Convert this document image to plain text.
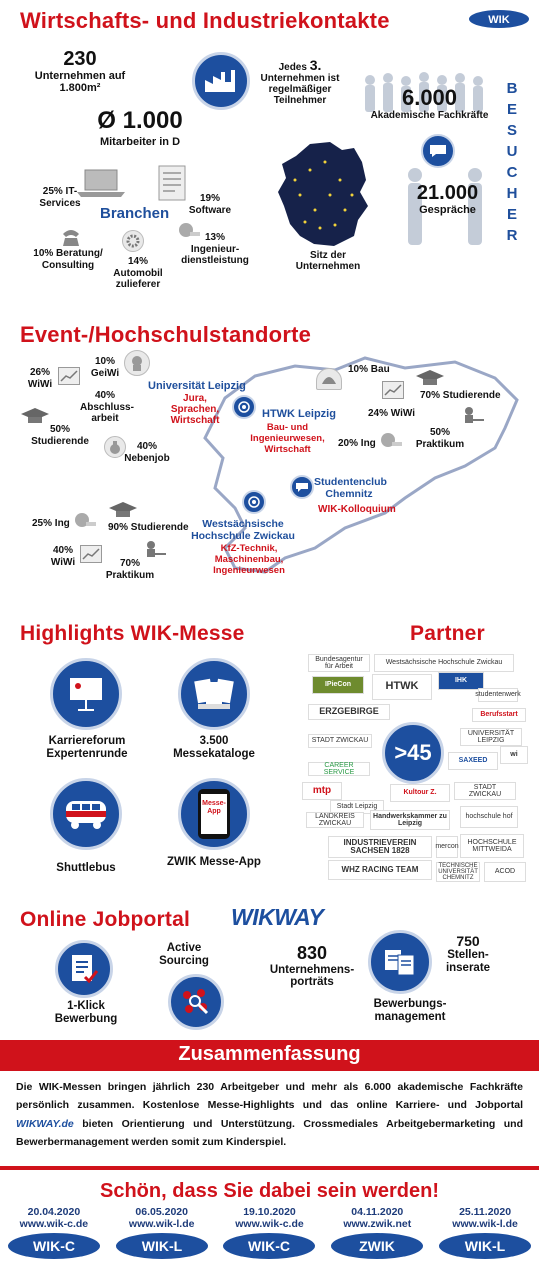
Wirtschafts- und Industriekontakte	WIK
230
Unternehmen auf 1.800m²
Jedes 3.
Unternehmen ist regelmäßiger Teilnehmer
Ø 1.000
Mitarbeiter in D
6.000
Akademische Fachkräfte
B
E
S
U
C
H
E
R
21.000
Gespräche
Sitz der Unternehmen
25% IT-Services	19% Software
Branchen
10% Beratung/ Consulting	14% Automobil zulieferer
13% Ingenieur- dienstleistung
Event-/Hochschulstandorte
26% WiWi
10% GeiWi
40% Abschluss- arbeit
50% Studierende	40% Nebenjob
Universität Leipzig
Jura, Sprachen, Wirtschaft
HTWK Leipzig
Bau- und Ingenieurwesen, Wirtschaft
10% Bau
70% Studierende
24% WiWi
20% Ing
50% Praktikum
Studentenclub Chemnitz
WIK-Kolloquium
Westsächsische Hochschule Zwickau
KfZ-Technik, Maschinenbau, Ingenieurwesen
25% Ing	90% Studierende
40% WiWi	70% Praktikum
Highlights WIK-Messe	Partner
Karriereforum Expertenrunde
3.500 Messekataloge
Shuttlebus
Messe- App
ZWIK Messe-App
Bundesagentur für Arbeit
Westsächsische Hochschule Zwickau
IPieCon	HTWK	IHK
studentenwerk
ERZGEBIRGE	Berufsstart
STADT ZWICKAU
UNIVERSITÄT LEIPZIG
CAREER SERVICE
SAXEED
wi
mtp
Stadt Leipzig
Kultour Z.
STADT ZWICKAU
LANDKREIS ZWICKAU
Handwerkskammer zu Leipzig
hochschule hof
INDUSTRIEVEREIN SACHSEN 1828	mercon
HOCHSCHULE MITTWEIDA
WHZ RACING TEAM	TECHNISCHE UNIVERSITÄT CHEMNITZ
ACOD
>45
Online Jobportal WIKWAY
1-Klick Bewerbung
Active Sourcing	830
Unternehmens- porträts
750
Stellen- inserate
Bewerbungs- management
Zusammenfassung
Die WIK-Messen bringen jährlich 230 Arbeitgeber und mehr als 6.000 akademische Fachkräfte persönlich zusammen. Kostenlose Messe-Highlights und das online Karriere- und Jobportal WIKWAY.de bieten Orientierung und Unterstützung. Crossmediales Arbeitgebermarketing und Bewerbermanagement werden somit zum Kinderspiel.
Schön, dass Sie dabei sein werden!
20.04.2020
www.wik-c.de
WIK-C
06.05.2020
www.wik-l.de
WIK-L
19.10.2020
www.wik-c.de
WIK-C
04.11.2020
www.zwik.net
ZWIK
25.11.2020
www.wik-l.de
WIK-L
